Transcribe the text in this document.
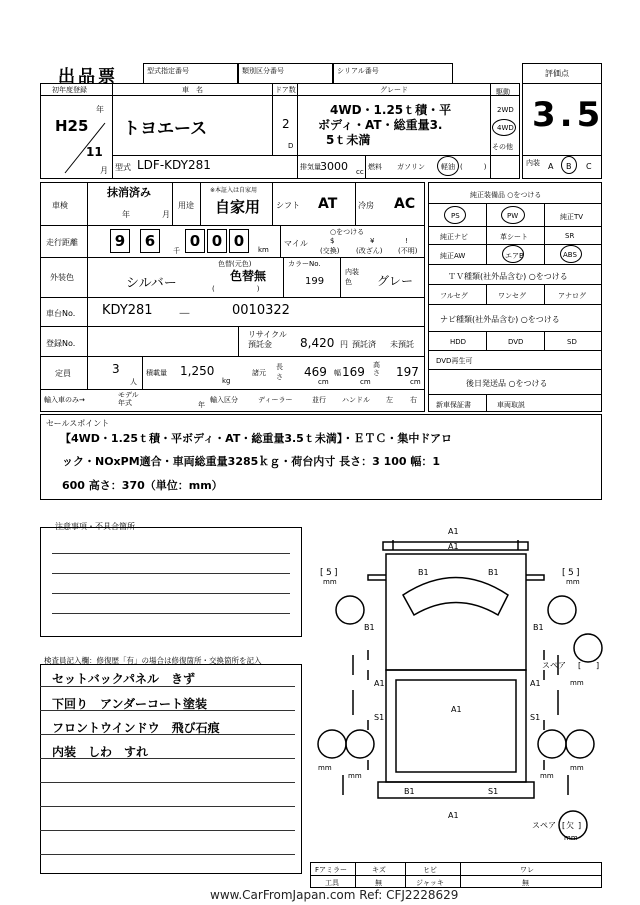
出品票	型式指定番号	類別区分番号	シリアル番号
初年度登録
H25
年
11
月
車　名
トヨエース
ドア数
2
D
グレード
4WD・1.25ｔ積・平
ボディ・AT・総重量3.
5ｔ未満
駆動
2WD
4WD
その他
型式 LDF-KDY281	排気量 3000 cc
燃料 ガソリン 軽油 (　　　)
評価点
3.5
内装 A B C
車検
抹消済み
年	月
用途
※本証入は自家用
自家用 シフト AT	冷房 AC
走行距離	9	6	0 0 0
千	km
マイル
○をつける
$
(交換)
¥
(改ざん)
!
(不明)
外装色	シルバー
色替(元色)
色替無
(　　　　　　)
カラーNo.
199
内装色	グレー
車台No. KDY281 －	0010322
登録No.
リサイクル預託金	8,420 円 預託済 未預託
定員	3
人
積載量 1,250
kg
諸元
長さ 469
cm
幅 169
cm
高さ 197
cm
輸入車のみ→
モデル年式	年
輸入区分	ディーラー	並行 ハンドル 左 右
純正装備品 ○をつける
PS	PW	純正TV
純正ナビ	革シート	SR
純正AW	エアB	ABS
ＴＶ種類(社外品含む) ○をつける
フルセグ	ワンセグ	アナログ
ナビ種類(社外品含む) ○をつける
HDD	DVD	SD
DVD再生可
後日発送品 ○をつける
新車保証書	車両取説
セールスポイント
【4WD・1.25ｔ積・平ボディ・AT・総重量3.5ｔ未満】・ＥＴＣ・集中ドアロ
ック・NOxPM適合・車両総重量3285ｋｇ・荷台内寸 長さ：3 100 幅：1
600 高さ：370（単位：mm）
注意事項・不具合箇所
検査員記入欄：修復歴「有」の場合は修復箇所・交換箇所を記入
セットバックパネル　きず
下回り　アンダーコート塗装
フロントウインドウ　飛び石痕
内装　しわ　すれ
A1
A1
B1	B1
B1	B1
A1	A1
A1
S1	S1
B1	S1
A1
[ 5 ]
mm
[ 5 ]
mm
スペア [ ]
mm
mm
mm	mm
mm
スペア [ 欠 ]
mm
Fアミラー	キズ	ヒビ	ワレ
工具	無	ジャッキ	無
www.CarFromJapan.com Ref: CFJ2228629
